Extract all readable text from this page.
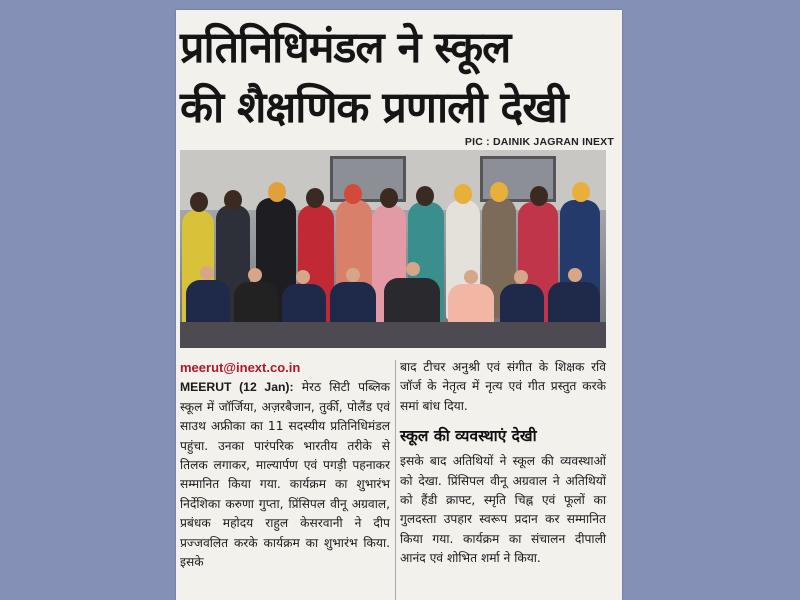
प्रतिनिधिमंडल ने स्कूल
की शैक्षणिक प्रणाली देखी
PIC : DAINIK JAGRAN INEXT

meerut@inext.co.in

MEERUT (12 Jan): मेरठ सिटी पब्लिक स्कूल में जॉर्जिया, अज़रबैजान, तुर्की, पोलैंड एवं साउथ अफ्रीका का 11 सदस्यीय प्रतिनिधिमंडल पहुंचा. उनका पारंपरिक भारतीय तरीके से तिलक लगाकर, माल्यार्पण एवं पगड़ी पहनाकर सम्मानित किया गया. कार्यक्रम का शुभारंभ निर्देशिका करुणा गुप्ता, प्रिंसिपल वीनू अग्रवाल, प्रबंधक महोदय राहुल केसरवानी ने दीप प्रज्जवलित करके कार्यक्रम का शुभारंभ किया. इसके

बाद टीचर अनुश्री एवं संगीत के शिक्षक रवि जॉर्ज के नेतृत्व में नृत्य एवं गीत प्रस्तुत करके समां बांध दिया.

स्कूल की व्यवस्थाएं देखी

इसके बाद अतिथियों ने स्कूल की व्यवस्थाओं को देखा. प्रिंसिपल वीनू अग्रवाल ने अतिथियों को हैंडी क्राफ्ट, स्मृति चिह्न एवं फूलों का गुलदस्ता उपहार स्वरूप प्रदान कर सम्मानित किया गया. कार्यक्रम का संचालन दीपाली आनंद एवं शोभित शर्मा ने किया.
